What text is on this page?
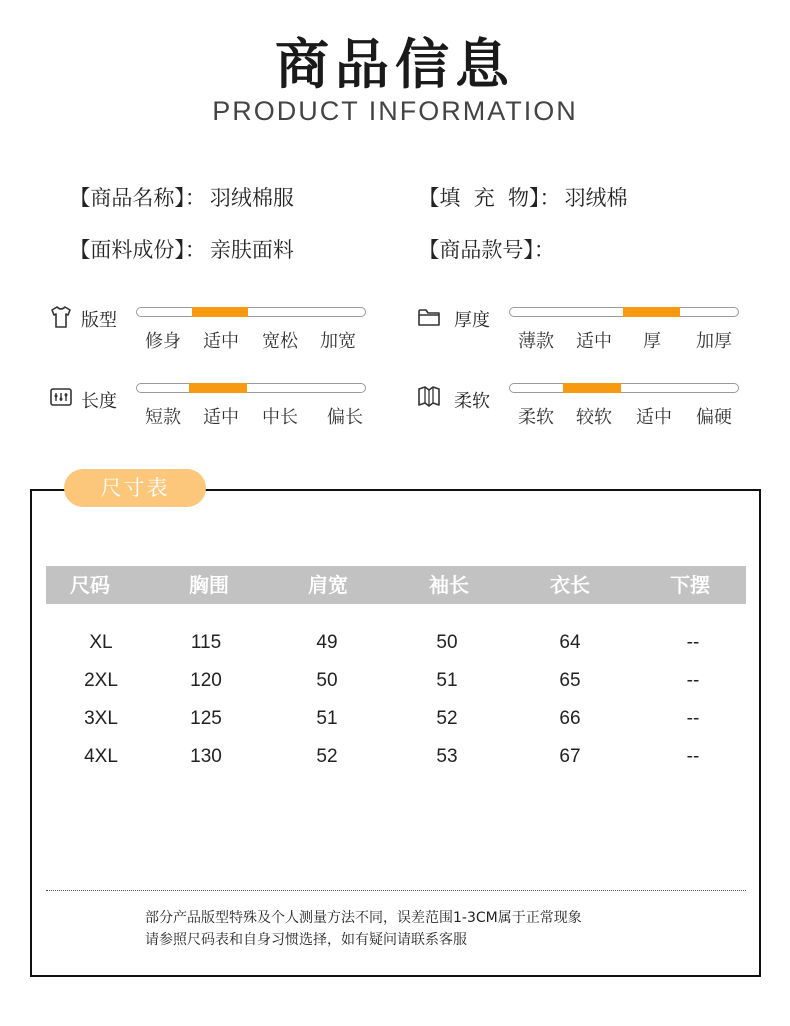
商品信息
PRODUCT INFORMATION

【商品名称】： 羽绒棉服	【填  充  物】： 羽绒棉

【面料成份】： 亲肤面料	【商品款号】：

版型
修身	适中	宽松	加宽
厚度
薄款	适中	厚	加厚
长度
短款	适中	中长	偏长
柔软
柔软	较软	适中	偏硬
尺寸表
尺码	胸围	肩宽	袖长	衣长	下摆
XL	115	49	50	64	--
2XL	120	50	51	65	--
3XL	125	51	52	66	--
4XL	130	52	53	67	--
部分产品版型特殊及个人测量方法不同，误差范围1-3CM属于正常现象
请参照尺码表和自身习惯选择，如有疑问请联系客服
